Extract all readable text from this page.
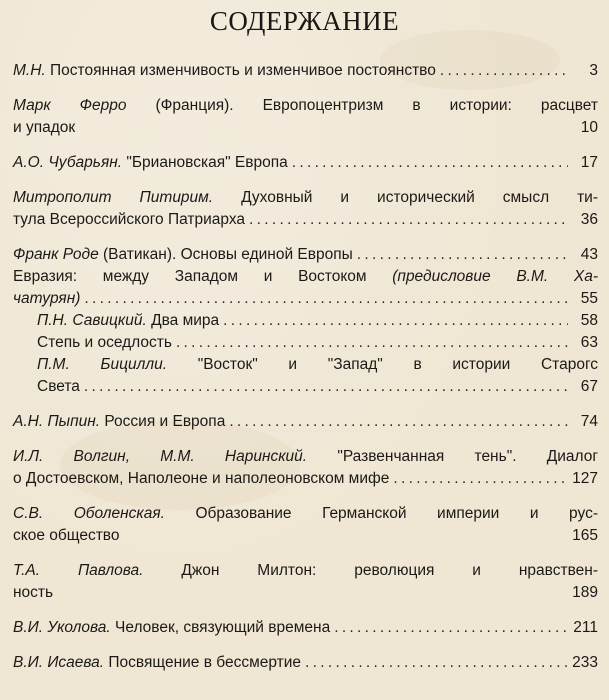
СОДЕРЖАНИЕ
М.Н. Постоянная изменчивость и изменчивое постоянство . . .	3
Марк Ферро (Франция). Европоцентризм в истории: расцвет
и упадок	10
А.О. Чубарьян. "Бриановская" Европа . . .	17
Митрополит Питирим. Духовный и исторический смысл ти-
тула Всероссийского Патриарха . . .	36
Франк Роде (Ватикан). Основы единой Европы . . .	43
Евразия: между Западом и Востоком (предисловие В.М. Ха-
чатурян) . . .	55
П.Н. Савицкий. Два мира . . .	58
Степь и оседлость . . .	63
П.М. Бицилли. "Восток" и "Запад" в истории Старогс
Света . . .	67
А.Н. Пыпин. Россия и Европа . . .	74
И.Л. Волгин, М.М. Наринский. "Развенчанная тень". Диалог
о Достоевском, Наполеоне и наполеоновском мифе . . .	127
С.В. Оболенская. Образование Германской империи и рус-
ское общество	165
Т.А. Павлова. Джон Милтон: революция и нравствен-
ность	189
В.И. Уколова. Человек, связующий времена . . .	211
В.И. Исаева. Посвящение в бессмертие . . .	233
